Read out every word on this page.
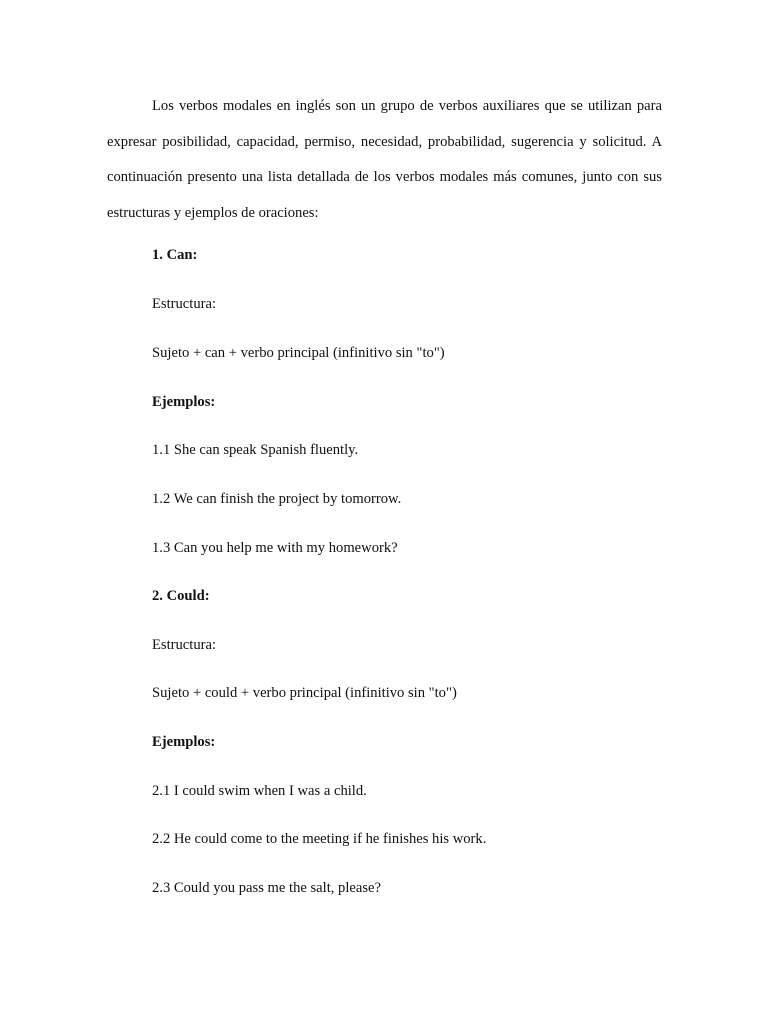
Los verbos modales en inglés son un grupo de verbos auxiliares que se utilizan para expresar posibilidad, capacidad, permiso, necesidad, probabilidad, sugerencia y solicitud. A continuación presento una lista detallada de los verbos modales más comunes, junto con sus estructuras y ejemplos de oraciones:

1. Can:

Estructura:

Sujeto + can + verbo principal (infinitivo sin "to")

Ejemplos:

1.1 She can speak Spanish fluently.

1.2 We can finish the project by tomorrow.

1.3 Can you help me with my homework?

2. Could:

Estructura:

Sujeto + could + verbo principal (infinitivo sin "to")

Ejemplos:

2.1 I could swim when I was a child.

2.2 He could come to the meeting if he finishes his work.

2.3 Could you pass me the salt, please?
